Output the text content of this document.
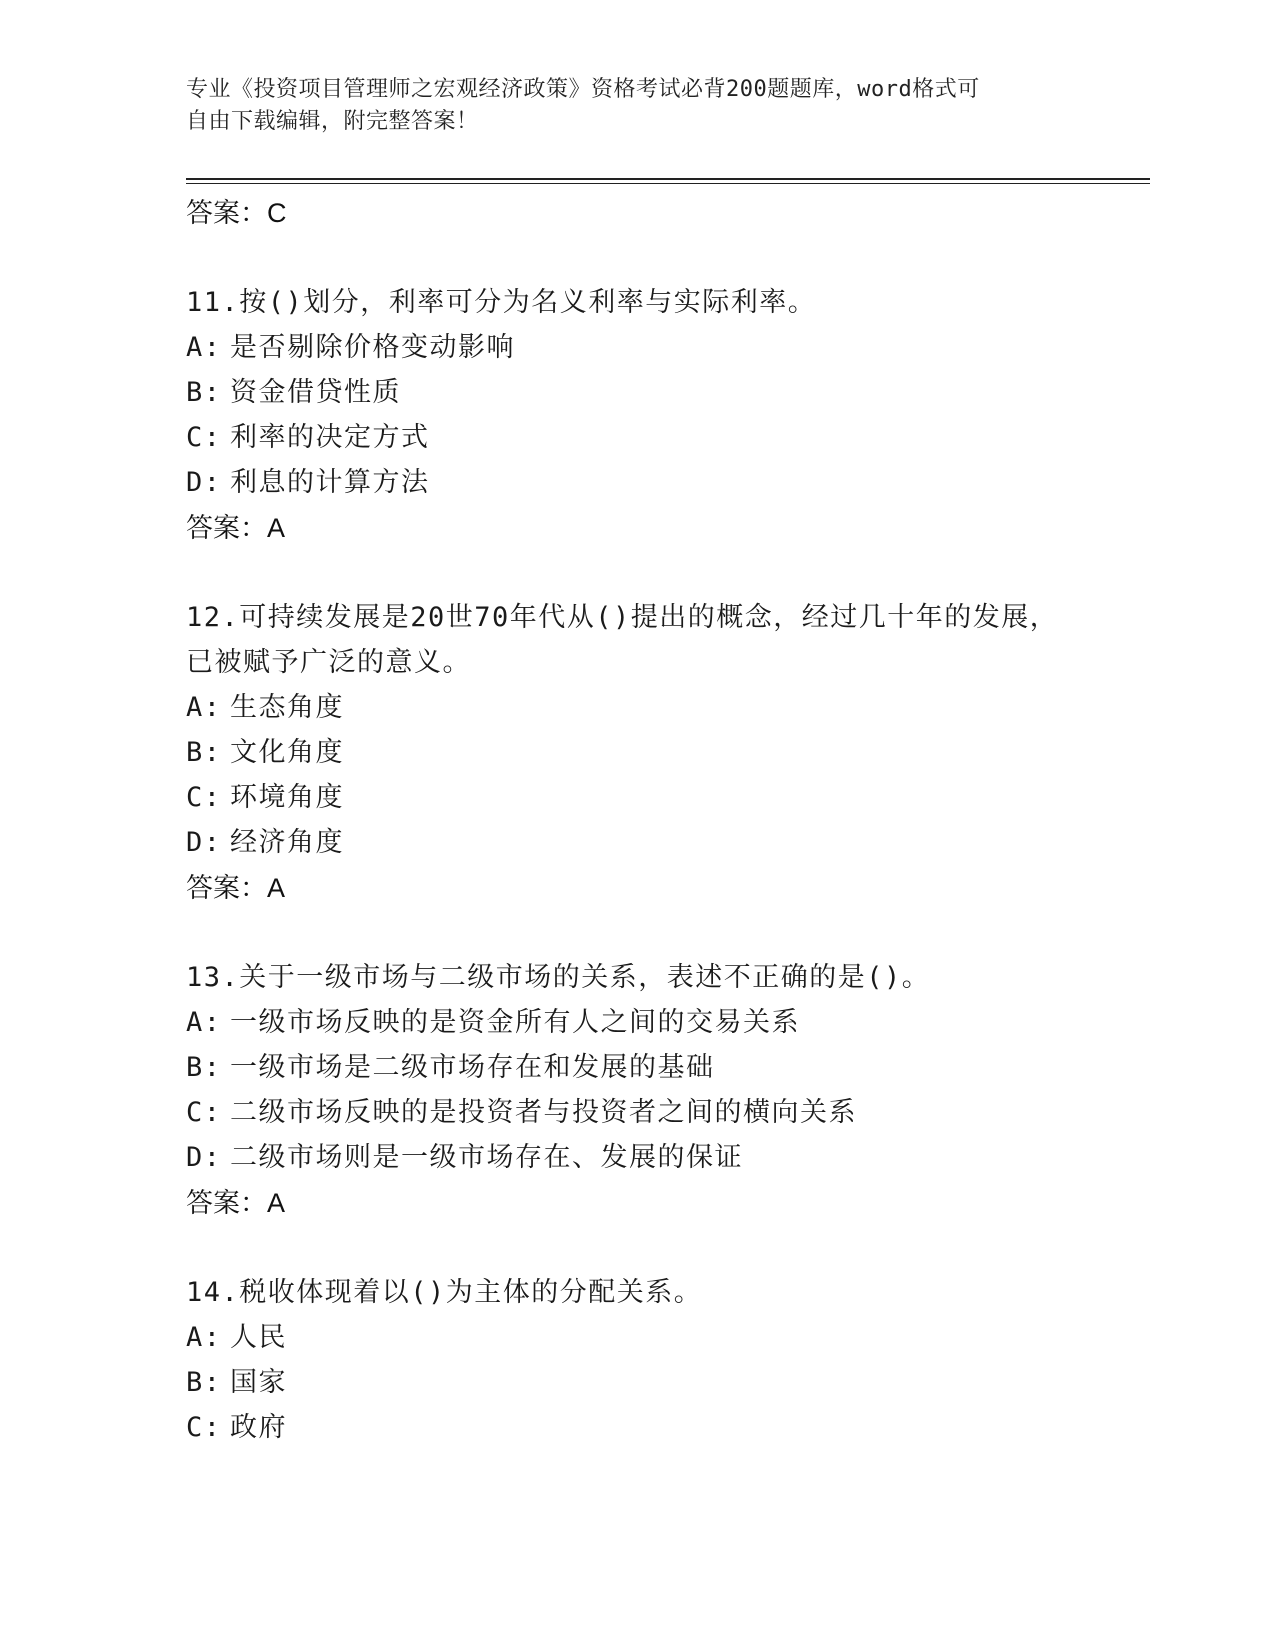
专业《投资项目管理师之宏观经济政策》资格考试必背200题题库，word格式可
自由下载编辑，附完整答案！
答案：C
11.按()划分，利率可分为名义利率与实际利率。
A: 是否剔除价格变动影响
B: 资金借贷性质
C: 利率的决定方式
D: 利息的计算方法
答案：A
12.可持续发展是20世70年代从()提出的概念，经过几十年的发展，
已被赋予广泛的意义。
A: 生态角度
B: 文化角度
C: 环境角度
D: 经济角度
答案：A
13.关于一级市场与二级市场的关系，表述不正确的是()。
A: 一级市场反映的是资金所有人之间的交易关系
B: 一级市场是二级市场存在和发展的基础
C: 二级市场反映的是投资者与投资者之间的横向关系
D: 二级市场则是一级市场存在、发展的保证
答案：A
14.税收体现着以()为主体的分配关系。
A: 人民
B: 国家
C: 政府
